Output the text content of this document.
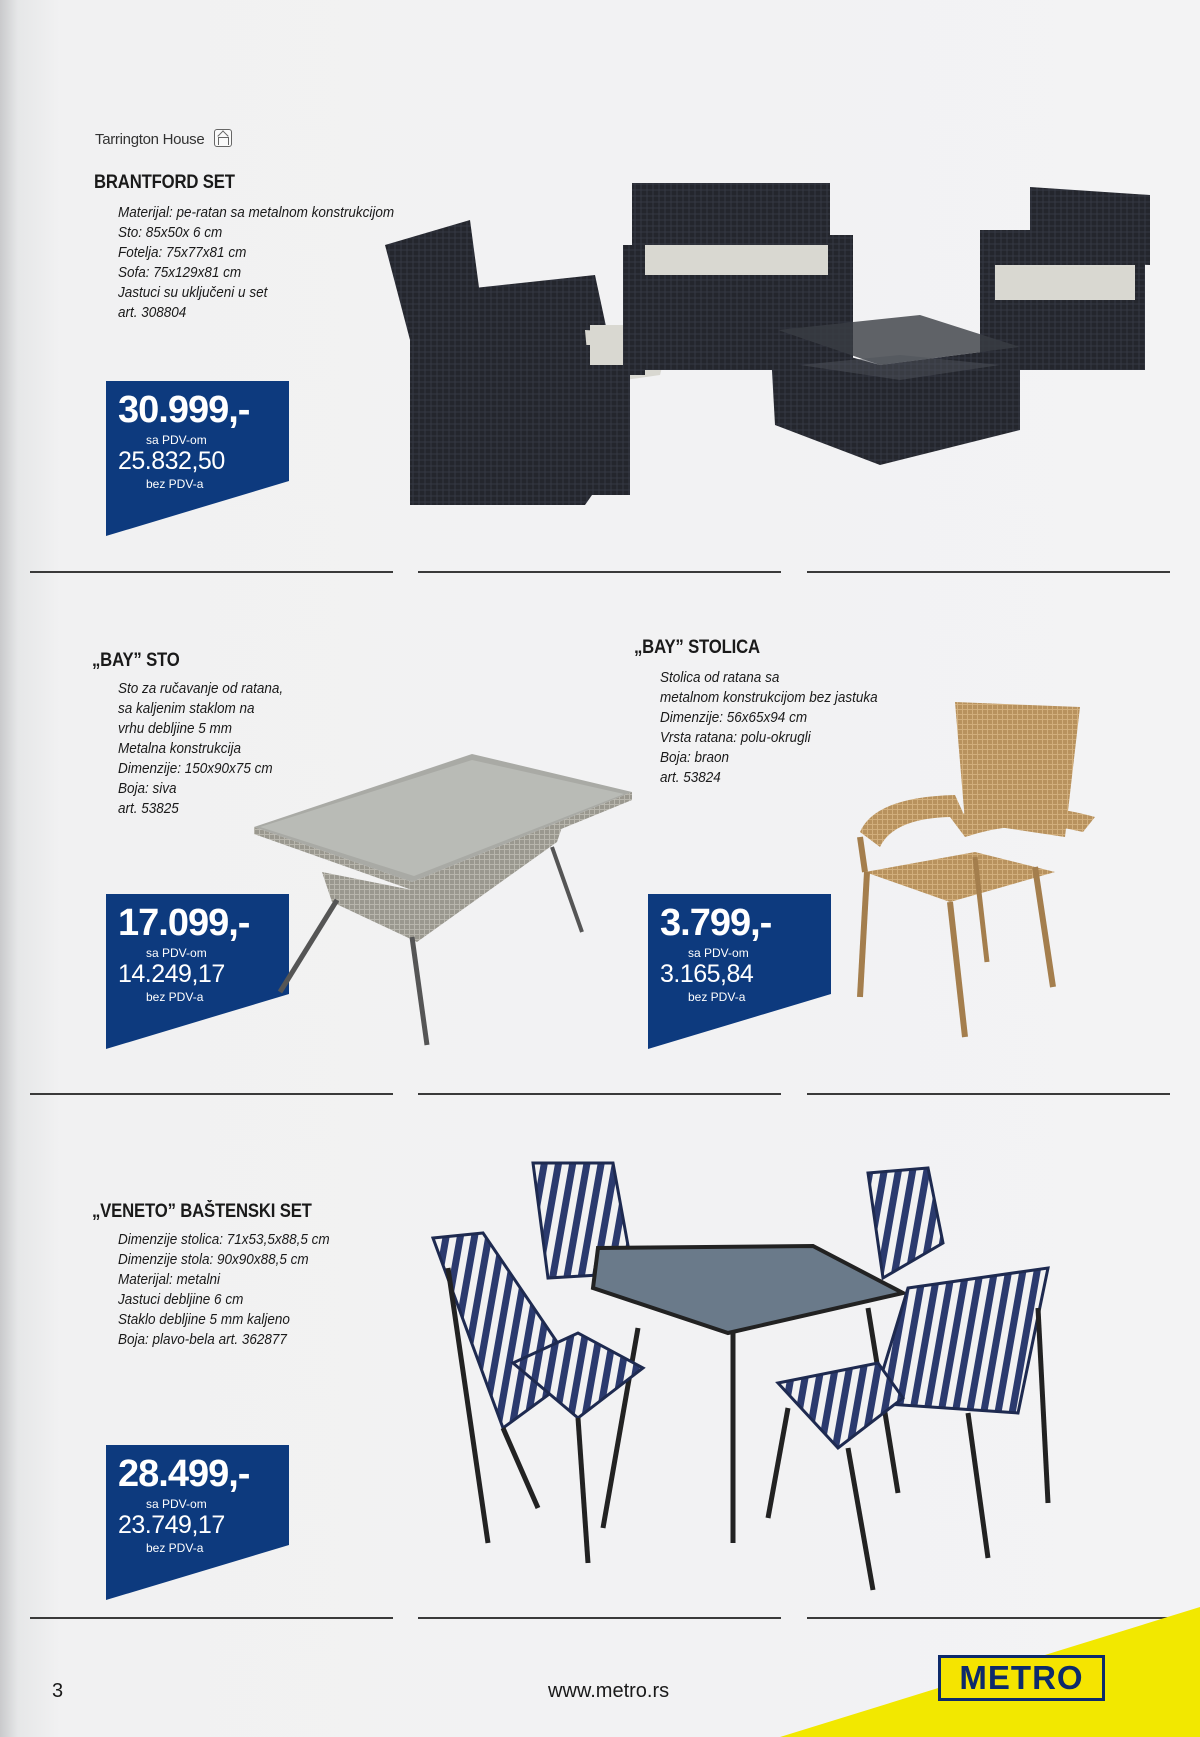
Tarrington House
BRANTFORD SET
Materijal: pe-ratan sa metalnom konstrukcijom
Sto: 85x50x 6 cm
Fotelja: 75x77x81 cm
Sofa: 75x129x81 cm
Jastuci su uključeni u set
art. 308804
30.999,-
sa PDV-om
25.832,50
bez PDV-a
„BAY” STO
Sto za ručavanje od ratana,
sa kaljenim staklom na
vrhu debljine 5 mm
Metalna konstrukcija
Dimenzije: 150x90x75 cm
Boja: siva
art. 53825
17.099,-
sa PDV-om
14.249,17
bez PDV-a
„BAY” STOLICA
Stolica od ratana sa
metalnom konstrukcijom bez jastuka
Dimenzije: 56x65x94 cm
Vrsta ratana: polu-okrugli
Boja: braon
art. 53824
3.799,-
sa PDV-om
3.165,84
bez PDV-a
„VENETO” BAŠTENSKI SET
Dimenzije stolica: 71x53,5x88,5 cm
Dimenzije stola: 90x90x88,5 cm
Materijal: metalni
Jastuci debljine 6 cm
Staklo debljine 5 mm kaljeno
Boja: plavo-bela art. 362877
28.499,-
sa PDV-om
23.749,17
bez PDV-a
3	www.metro.rs	METRO
